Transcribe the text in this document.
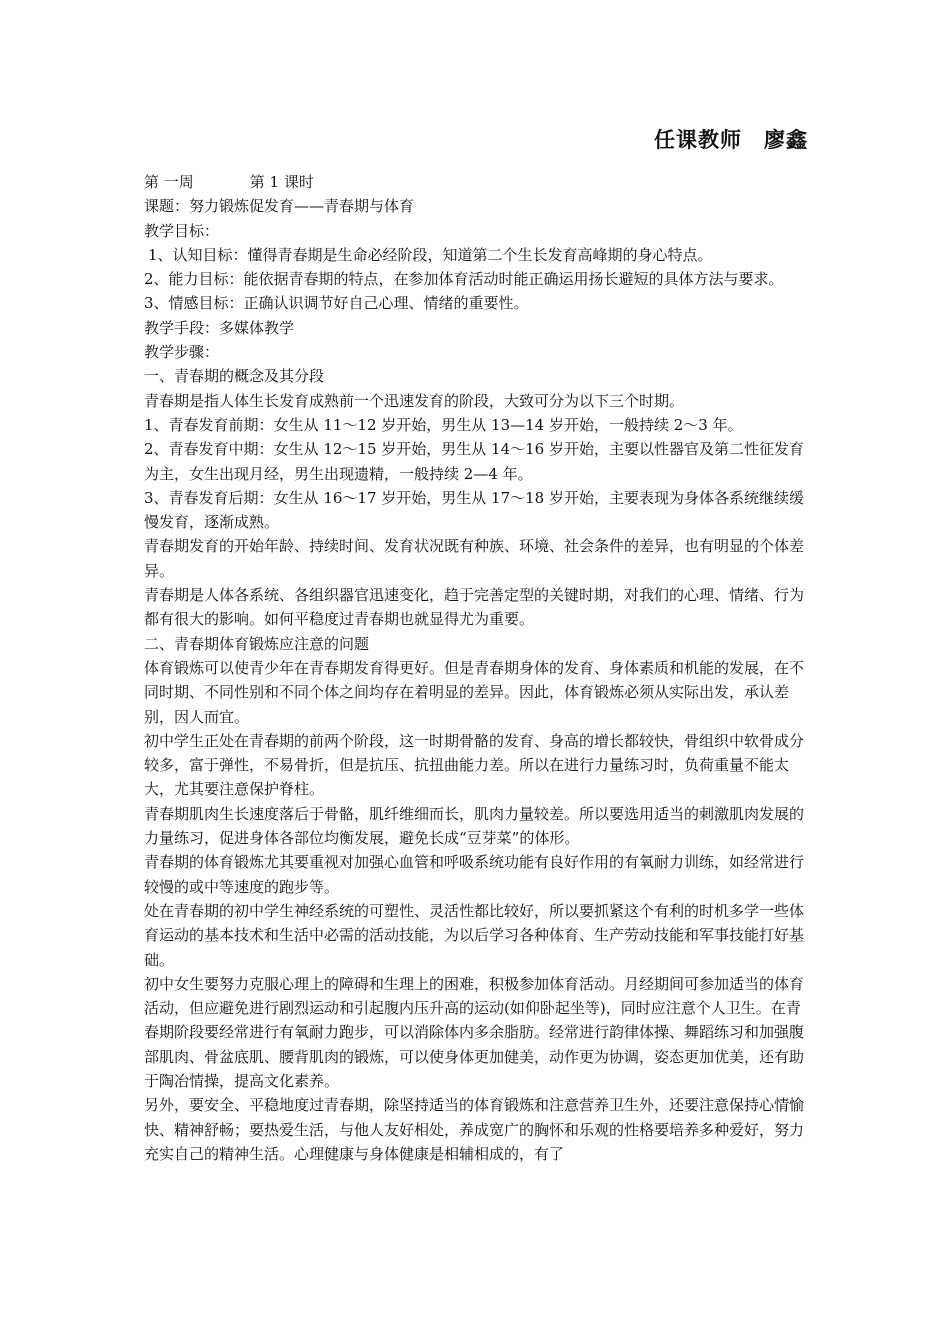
任课教师 廖鑫

第 一周	第 1 课时

课题：努力锻炼促发育——青春期与体育

教学目标：

1、认知目标：懂得青春期是生命必经阶段，知道第二个生长发育高峰期的身心特点。

2、能力目标：能依据青春期的特点，在参加体育活动时能正确运用扬长避短的具体方法与要求。

3、情感目标：正确认识调节好自己心理、情绪的重要性。

教学手段：多媒体教学

教学步骤：

一、青春期的概念及其分段

青春期是指人体生长发育成熟前一个迅速发育的阶段，大致可分为以下三个时期。

1、青春发育前期：女生从 11～12 岁开始，男生从 13—14 岁开始，一般持续 2～3 年。

2、青春发育中期：女生从 12～15 岁开始，男生从 14～16 岁开始，主要以性器官及第二性征发育为主，女生出现月经，男生出现遗精，一般持续 2—4 年。

3、青春发育后期：女生从 16～17 岁开始，男生从 17～18 岁开始，主要表现为身体各系统继续缓慢发育，逐渐成熟。

青春期发育的开始年龄、持续时间、发育状况既有种族、环境、社会条件的差异，也有明显的个体差异。

青春期是人体各系统、各组织器官迅速变化，趋于完善定型的关键时期，对我们的心理、情绪、行为都有很大的影响。如何平稳度过青春期也就显得尤为重要。

二、青春期体育锻炼应注意的问题

体育锻炼可以使青少年在青春期发育得更好。但是青春期身体的发育、身体素质和机能的发展，在不同时期、不同性别和不同个体之间均存在着明显的差异。因此，体育锻炼必须从实际出发，承认差别，因人而宜。

初中学生正处在青春期的前两个阶段，这一时期骨骼的发育、身高的增长都较快，骨组织中软骨成分较多，富于弹性，不易骨折，但是抗压、抗扭曲能力差。所以在进行力量练习时，负荷重量不能太大，尤其要注意保护脊柱。

青春期肌肉生长速度落后于骨骼，肌纤维细而长，肌肉力量较差。所以要选用适当的刺激肌肉发展的力量练习，促进身体各部位均衡发展，避免长成“豆芽菜”的体形。

青春期的体育锻炼尤其要重视对加强心血管和呼吸系统功能有良好作用的有氧耐力训练，如经常进行较慢的或中等速度的跑步等。

处在青春期的初中学生神经系统的可塑性、灵活性都比较好，所以要抓紧这个有利的时机多学一些体育运动的基本技术和生活中必需的活动技能，为以后学习各种体育、生产劳动技能和军事技能打好基础。

初中女生要努力克服心理上的障碍和生理上的困难，积极参加体育活动。月经期间可参加适当的体育活动，但应避免进行剧烈运动和引起腹内压升高的运动(如仰卧起坐等)，同时应注意个人卫生。在青春期阶段要经常进行有氧耐力跑步，可以消除体内多余脂肪。经常进行韵律体操、舞蹈练习和加强腹部肌肉、骨盆底肌、腰背肌肉的锻炼，可以使身体更加健美，动作更为协调，姿态更加优美，还有助于陶冶情操，提高文化素养。

另外，要安全、平稳地度过青春期，除坚持适当的体育锻炼和注意营养卫生外，还要注意保持心情愉快、精神舒畅；要热爱生活，与他人友好相处，养成宽广的胸怀和乐观的性格要培养多种爱好，努力充实自己的精神生活。心理健康与身体健康是相辅相成的，有了
